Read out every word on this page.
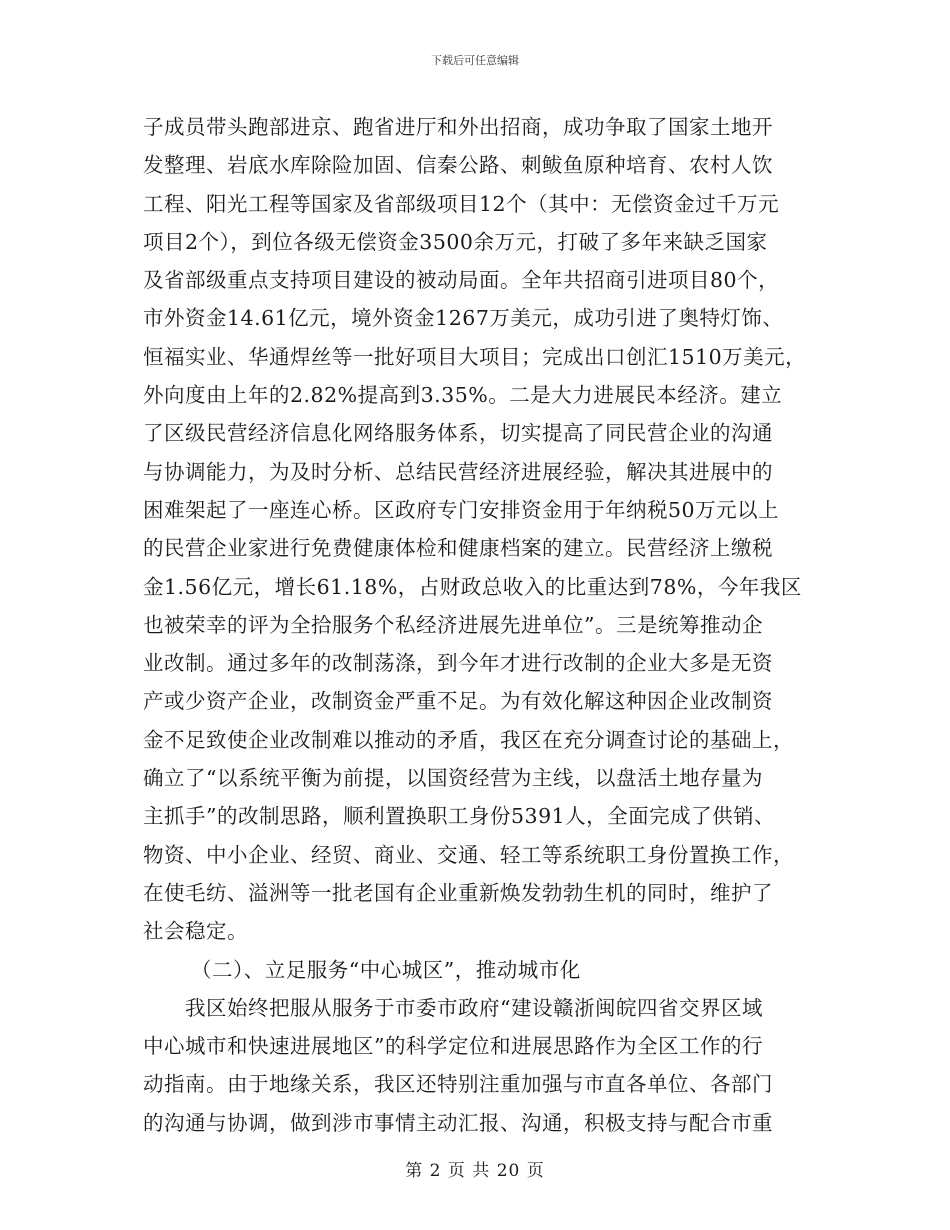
下载后可任意编辑
子成员带头跑部进京、跑省进厅和外出招商，成功争取了国家土地开
发整理、岩底水库除险加固、信秦公路、刺鲅鱼原种培育、农村人饮
工程、阳光工程等国家及省部级项目12个（其中：无偿资金过千万元
项目2个），到位各级无偿资金3500余万元，打破了多年来缺乏国家
及省部级重点支持项目建设的被动局面。全年共招商引进项目80个，
市外资金14.61亿元，境外资金1267万美元，成功引进了奥特灯饰、
恒福实业、华通焊丝等一批好项目大项目；完成出口创汇1510万美元，
外向度由上年的2.82%提高到3.35%。二是大力进展民本经济。建立
了区级民营经济信息化网络服务体系，切实提高了同民营企业的沟通
与协调能力，为及时分析、总结民营经济进展经验，解决其进展中的
困难架起了一座连心桥。区政府专门安排资金用于年纳税50万元以上
的民营企业家进行免费健康体检和健康档案的建立。民营经济上缴税
金1.56亿元，增长61.18%，占财政总收入的比重达到78%，今年我区
也被荣幸的评为全拾服务个私经济进展先进单位”。三是统筹推动企
业改制。通过多年的改制荡涤，到今年才进行改制的企业大多是无资
产或少资产企业，改制资金严重不足。为有效化解这种因企业改制资
金不足致使企业改制难以推动的矛盾，我区在充分调查讨论的基础上，
确立了“以系统平衡为前提，以国资经营为主线，以盘活土地存量为
主抓手”的改制思路，顺利置换职工身份5391人，全面完成了供销、
物资、中小企业、经贸、商业、交通、轻工等系统职工身份置换工作，
在使毛纺、溢洲等一批老国有企业重新焕发勃勃生机的同时，维护了
社会稳定。
（二）、立足服务“中心城区”，推动城市化
我区始终把服从服务于市委市政府“建设赣浙闽皖四省交界区域
中心城市和快速进展地区”的科学定位和进展思路作为全区工作的行
动指南。由于地缘关系，我区还特别注重加强与市直各单位、各部门
的沟通与协调，做到涉市事情主动汇报、沟通，积极支持与配合市重
第 2 页 共 20 页
